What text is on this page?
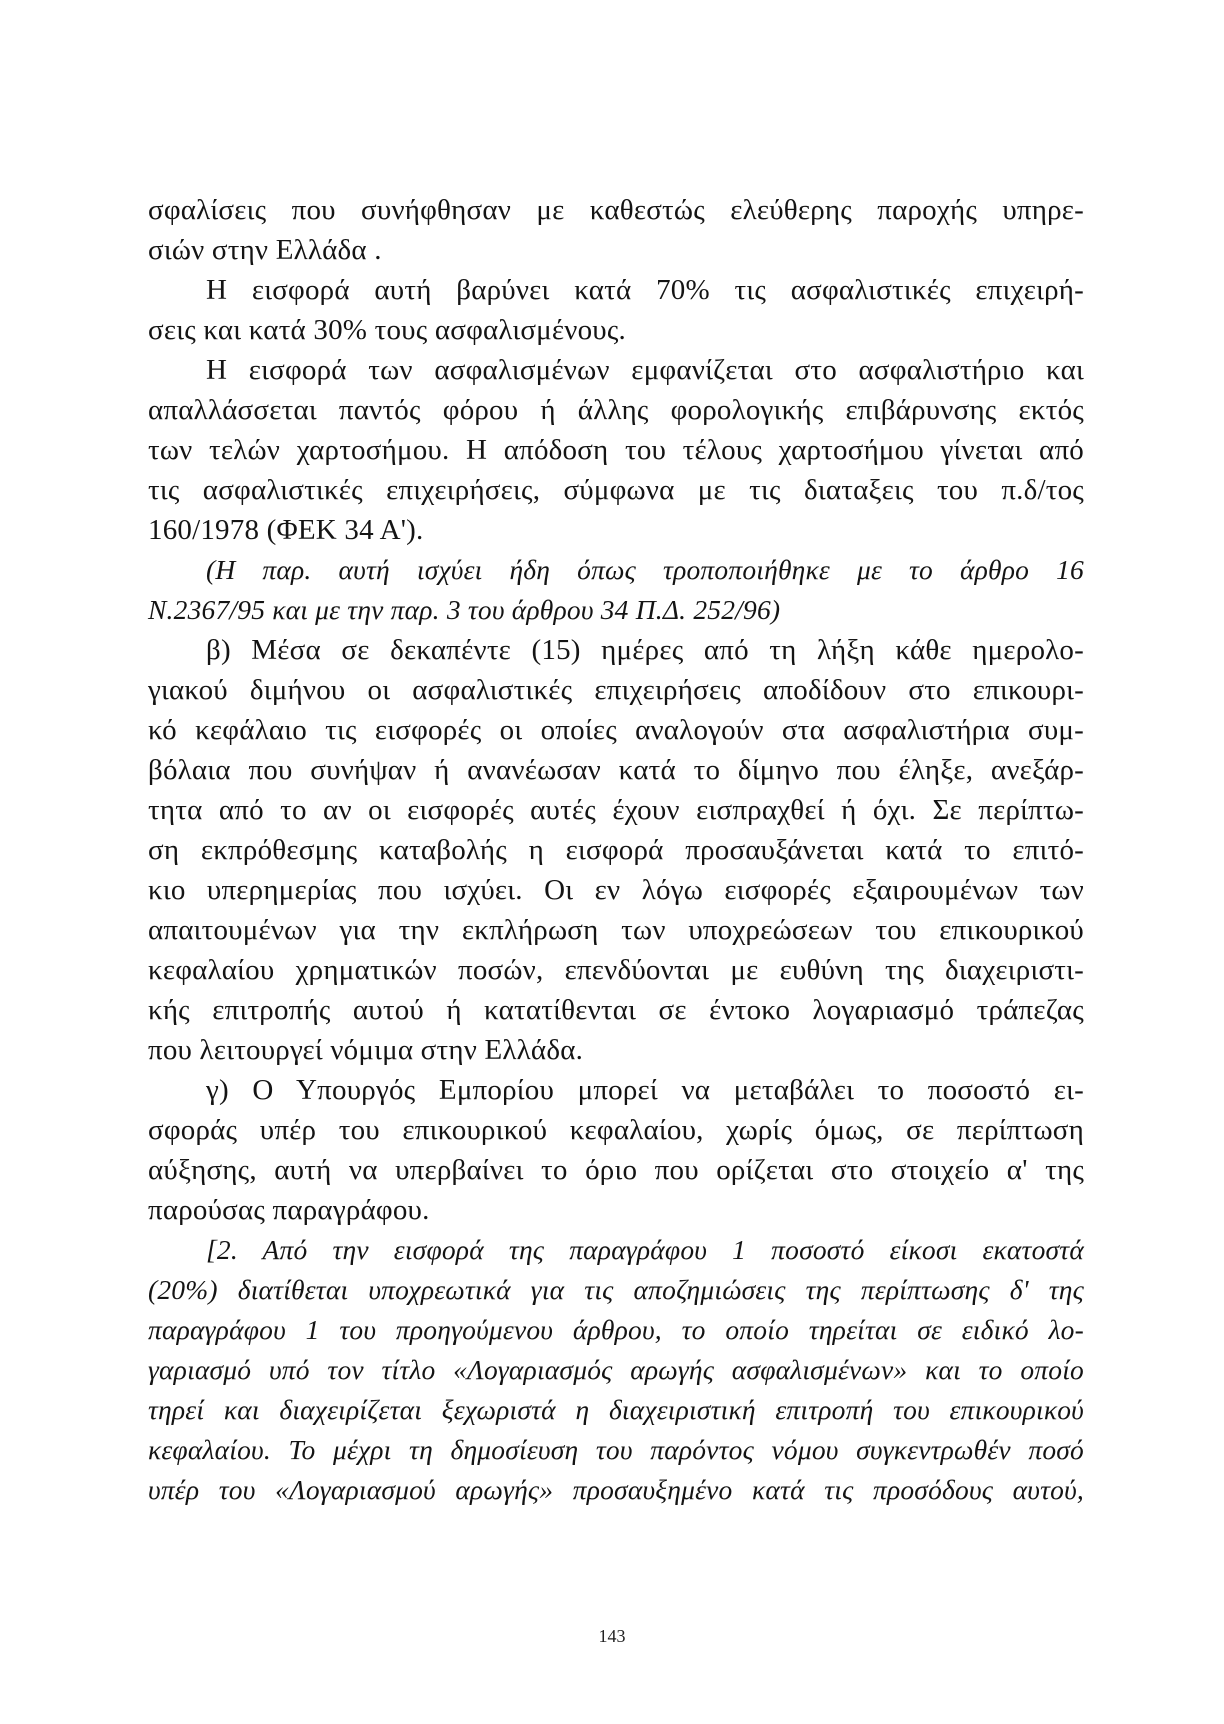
σφαλίσεις που συνήφθησαν με καθεστώς ελεύθερης παροχής υπηρε-
σιών στην Ελλάδα .
Η εισφορά αυτή βαρύνει κατά 70% τις ασφαλιστικές επιχειρή-
σεις και κατά 30% τους ασφαλισμένους.
Η εισφορά των ασφαλισμένων εμφανίζεται στο ασφαλιστήριο και
απαλλάσσεται παντός φόρου ή άλλης φορολογικής επιβάρυνσης εκτός
των τελών χαρτοσήμου. Η απόδοση του τέλους χαρτοσήμου γίνεται από
τις ασφαλιστικές επιχειρήσεις, σύμφωνα με τις διαταξεις του π.δ/τος
160/1978 (ΦΕΚ 34 Α').
(Η παρ. αυτή ισχύει ήδη όπως τροποποιήθηκε με το άρθρο 16
Ν.2367/95 και με την παρ. 3 του άρθρου 34 Π.Δ. 252/96)
β) Μέσα σε δεκαπέντε (15) ημέρες από τη λήξη κάθε ημερολο-
γιακού διμήνου οι ασφαλιστικές επιχειρήσεις αποδίδουν στο επικουρι-
κό κεφάλαιο τις εισφορές οι οποίες αναλογούν στα ασφαλιστήρια συμ-
βόλαια που συνήψαν ή ανανέωσαν κατά το δίμηνο που έληξε, ανεξάρ-
τητα από το αν οι εισφορές αυτές έχουν εισπραχθεί ή όχι. Σε περίπτω-
ση εκπρόθεσμης καταβολής η εισφορά προσαυξάνεται κατά το επιτό-
κιο υπερημερίας που ισχύει. Οι εν λόγω εισφορές εξαιρουμένων των
απαιτουμένων για την εκπλήρωση των υποχρεώσεων του επικουρικού
κεφαλαίου χρηματικών ποσών, επενδύονται με ευθύνη της διαχειριστι-
κής επιτροπής αυτού ή κατατίθενται σε έντοκο λογαριασμό τράπεζας
που λειτουργεί νόμιμα στην Ελλάδα.
γ) Ο Υπουργός Εμπορίου μπορεί να μεταβάλει το ποσοστό ει-
σφοράς υπέρ του επικουρικού κεφαλαίου, χωρίς όμως, σε περίπτωση
αύξησης, αυτή να υπερβαίνει το όριο που ορίζεται στο στοιχείο α' της
παρούσας παραγράφου.
[2. Από την εισφορά της παραγράφου 1 ποσοστό είκοσι εκατοστά
(20%) διατίθεται υποχρεωτικά για τις αποζημιώσεις της περίπτωσης δ' της
παραγράφου 1 του προηγούμενου άρθρου, το οποίο τηρείται σε ειδικό λο-
γαριασμό υπό τον τίτλο «Λογαριασμός αρωγής ασφαλισμένων» και το οποίο
τηρεί και διαχειρίζεται ξεχωριστά η διαχειριστική επιτροπή του επικουρικού
κεφαλαίου. Το μέχρι τη δημοσίευση του παρόντος νόμου συγκεντρωθέν ποσό
υπέρ του «Λογαριασμού αρωγής» προσαυξημένο κατά τις προσόδους αυτού,
143
